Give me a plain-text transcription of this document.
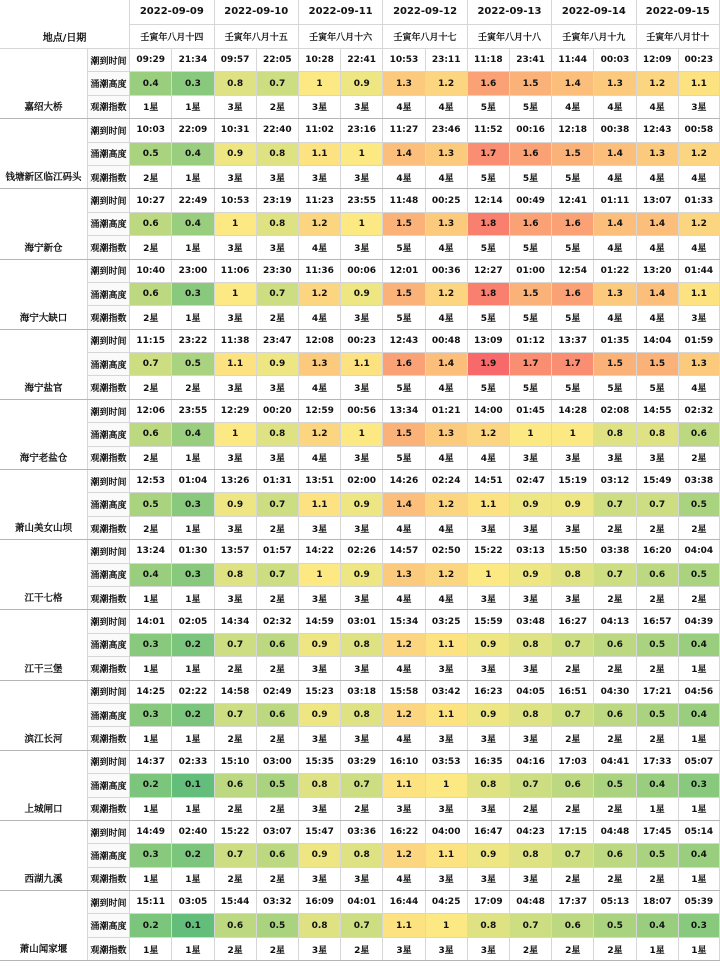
地点/日期		2022-09-09		2022-09-10		2022-09-11		2022-09-12		2022-09-13		2022-09-14		2022-09-15	
		壬寅年八月十四		壬寅年八月十五		壬寅年八月十六		壬寅年八月十七		壬寅年八月十八		壬寅年八月十九		壬寅年八月廿十	
嘉绍大桥	潮到时间	09:29	21:34	09:57	22:05	10:28	22:41	10:53	23:11	11:18	23:41	11:44	00:03	12:09	00:23
	涌潮高度	0.4	0.3	0.8	0.7	1	0.9	1.3	1.2	1.6	1.5	1.4	1.3	1.2	1.1
	观潮指数	1星	1星	3星	2星	3星	3星	4星	4星	5星	5星	4星	4星	4星	3星
钱塘新区临江码头	潮到时间	10:03	22:09	10:31	22:40	11:02	23:16	11:27	23:46	11:52	00:16	12:18	00:38	12:43	00:58
	涌潮高度	0.5	0.4	0.9	0.8	1.1	1	1.4	1.3	1.7	1.6	1.5	1.4	1.3	1.2
	观潮指数	2星	1星	3星	3星	3星	3星	4星	4星	5星	5星	5星	4星	4星	4星
海宁新仓	潮到时间	10:27	22:49	10:53	23:19	11:23	23:55	11:48	00:25	12:14	00:49	12:41	01:11	13:07	01:33
	涌潮高度	0.6	0.4	1	0.8	1.2	1	1.5	1.3	1.8	1.6	1.6	1.4	1.4	1.2
	观潮指数	2星	1星	3星	3星	4星	3星	5星	4星	5星	5星	5星	4星	4星	4星
海宁大缺口	潮到时间	10:40	23:00	11:06	23:30	11:36	00:06	12:01	00:36	12:27	01:00	12:54	01:22	13:20	01:44
	涌潮高度	0.6	0.3	1	0.7	1.2	0.9	1.5	1.2	1.8	1.5	1.6	1.3	1.4	1.1
	观潮指数	2星	1星	3星	2星	4星	3星	5星	4星	5星	5星	5星	4星	4星	3星
海宁盐官	潮到时间	11:15	23:22	11:38	23:47	12:08	00:23	12:43	00:48	13:09	01:12	13:37	01:35	14:04	01:59
	涌潮高度	0.7	0.5	1.1	0.9	1.3	1.1	1.6	1.4	1.9	1.7	1.7	1.5	1.5	1.3
	观潮指数	2星	2星	3星	3星	4星	3星	5星	4星	5星	5星	5星	5星	5星	4星
海宁老盐仓	潮到时间	12:06	23:55	12:29	00:20	12:59	00:56	13:34	01:21	14:00	01:45	14:28	02:08	14:55	02:32
	涌潮高度	0.6	0.4	1	0.8	1.2	1	1.5	1.3	1.2	1	1	0.8	0.8	0.6
	观潮指数	2星	1星	3星	3星	4星	3星	5星	4星	4星	3星	3星	3星	3星	2星
萧山美女山坝	潮到时间	12:53	01:04	13:26	01:31	13:51	02:00	14:26	02:24	14:51	02:47	15:19	03:12	15:49	03:38
	涌潮高度	0.5	0.3	0.9	0.7	1.1	0.9	1.4	1.2	1.1	0.9	0.9	0.7	0.7	0.5
	观潮指数	2星	1星	3星	2星	3星	3星	4星	4星	3星	3星	3星	2星	2星	2星
江干七格	潮到时间	13:24	01:30	13:57	01:57	14:22	02:26	14:57	02:50	15:22	03:13	15:50	03:38	16:20	04:04
	涌潮高度	0.4	0.3	0.8	0.7	1	0.9	1.3	1.2	1	0.9	0.8	0.7	0.6	0.5
	观潮指数	1星	1星	3星	2星	3星	3星	4星	4星	3星	3星	3星	2星	2星	2星
江干三堡	潮到时间	14:01	02:05	14:34	02:32	14:59	03:01	15:34	03:25	15:59	03:48	16:27	04:13	16:57	04:39
	涌潮高度	0.3	0.2	0.7	0.6	0.9	0.8	1.2	1.1	0.9	0.8	0.7	0.6	0.5	0.4
	观潮指数	1星	1星	2星	2星	3星	3星	4星	3星	3星	3星	2星	2星	2星	1星
滨江长河	潮到时间	14:25	02:22	14:58	02:49	15:23	03:18	15:58	03:42	16:23	04:05	16:51	04:30	17:21	04:56
	涌潮高度	0.3	0.2	0.7	0.6	0.9	0.8	1.2	1.1	0.9	0.8	0.7	0.6	0.5	0.4
	观潮指数	1星	1星	2星	2星	3星	3星	4星	3星	3星	3星	2星	2星	2星	1星
上城闸口	潮到时间	14:37	02:33	15:10	03:00	15:35	03:29	16:10	03:53	16:35	04:16	17:03	04:41	17:33	05:07
	涌潮高度	0.2	0.1	0.6	0.5	0.8	0.7	1.1	1	0.8	0.7	0.6	0.5	0.4	0.3
	观潮指数	1星	1星	2星	2星	3星	2星	3星	3星	3星	2星	2星	2星	1星	1星
西湖九溪	潮到时间	14:49	02:40	15:22	03:07	15:47	03:36	16:22	04:00	16:47	04:23	17:15	04:48	17:45	05:14
	涌潮高度	0.3	0.2	0.7	0.6	0.9	0.8	1.2	1.1	0.9	0.8	0.7	0.6	0.5	0.4
	观潮指数	1星	1星	2星	2星	3星	3星	4星	3星	3星	3星	2星	2星	2星	1星
萧山闻家堰	潮到时间	15:11	03:05	15:44	03:32	16:09	04:01	16:44	04:25	17:09	04:48	17:37	05:13	18:07	05:39
	涌潮高度	0.2	0.1	0.6	0.5	0.8	0.7	1.1	1	0.8	0.7	0.6	0.5	0.4	0.3
	观潮指数	1星	1星	2星	2星	3星	2星	3星	3星	3星	2星	2星	2星	1星	1星
